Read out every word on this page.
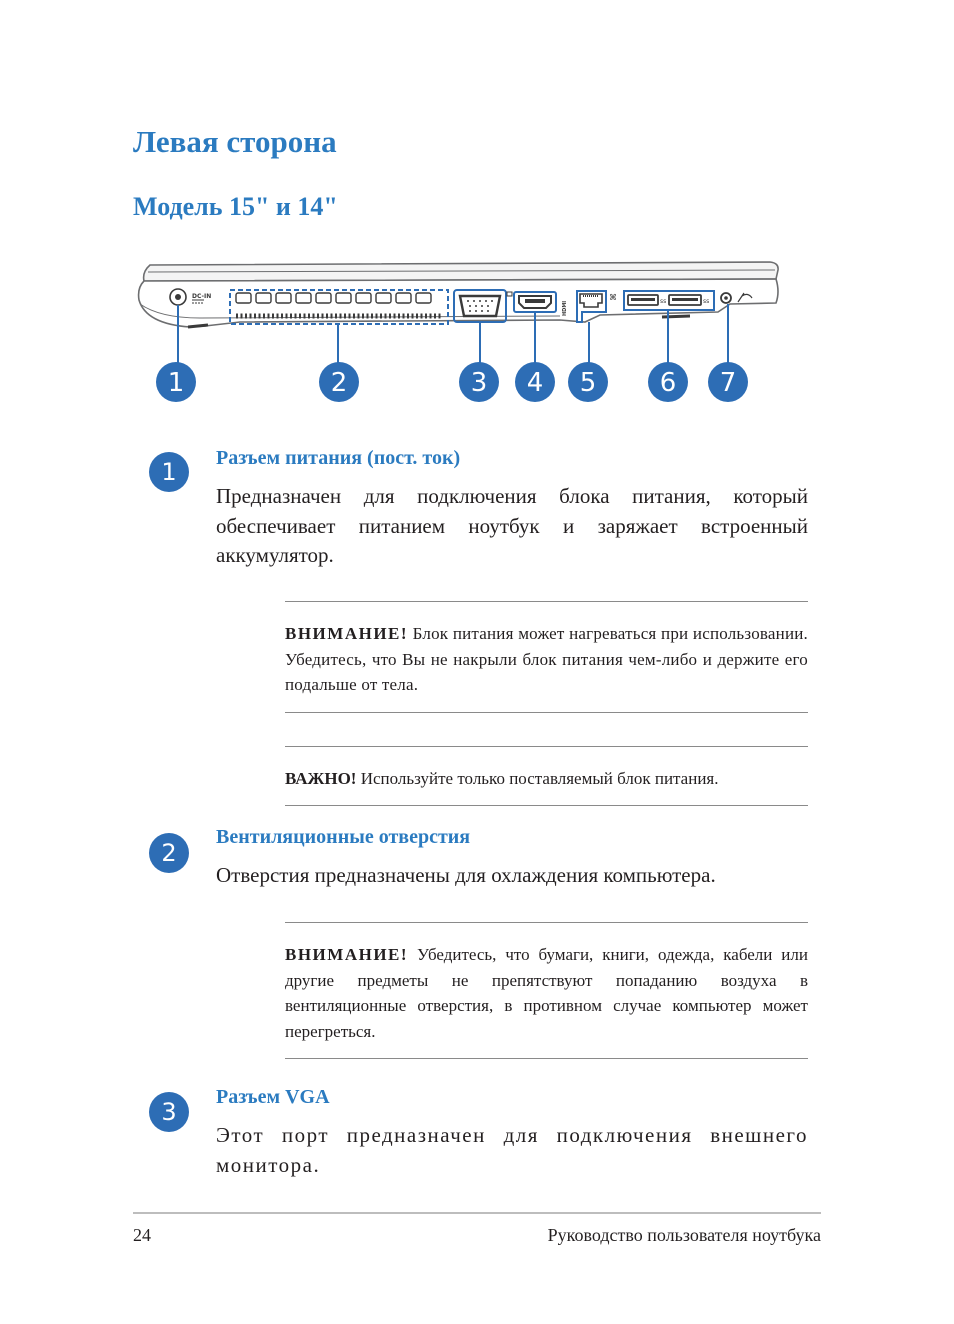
Левая сторона
Модель 15" и 14"
DC-IN
HDMI
⌘	ss	ss
1	2	3 4 5 6 7
1	Разъем питания (пост. ток)

Предназначен для подключения блока питания, который обеспечивает питанием ноутбук и заряжает встроенный аккумулятор.

ВНИМАНИЕ! Блок питания может нагреваться при использовании. Убедитесь, что Вы не накрыли блок питания чем-либо и держите его подальше от тела.

ВАЖНО! Используйте только поставляемый блок питания.

2
Вентиляционные отверстия

Отверстия предназначены для охлаждения компьютера.

ВНИМАНИЕ! Убедитесь, что бумаги, книги, одежда, кабели или другие предметы не препятствуют попаданию воздуха в вентиляционные отверстия, в противном случае компьютер может перегреться.

3
Разъем VGA

Этот порт предназначен для подключения внешнего монитора.

24	Руководство пользователя ноутбука
